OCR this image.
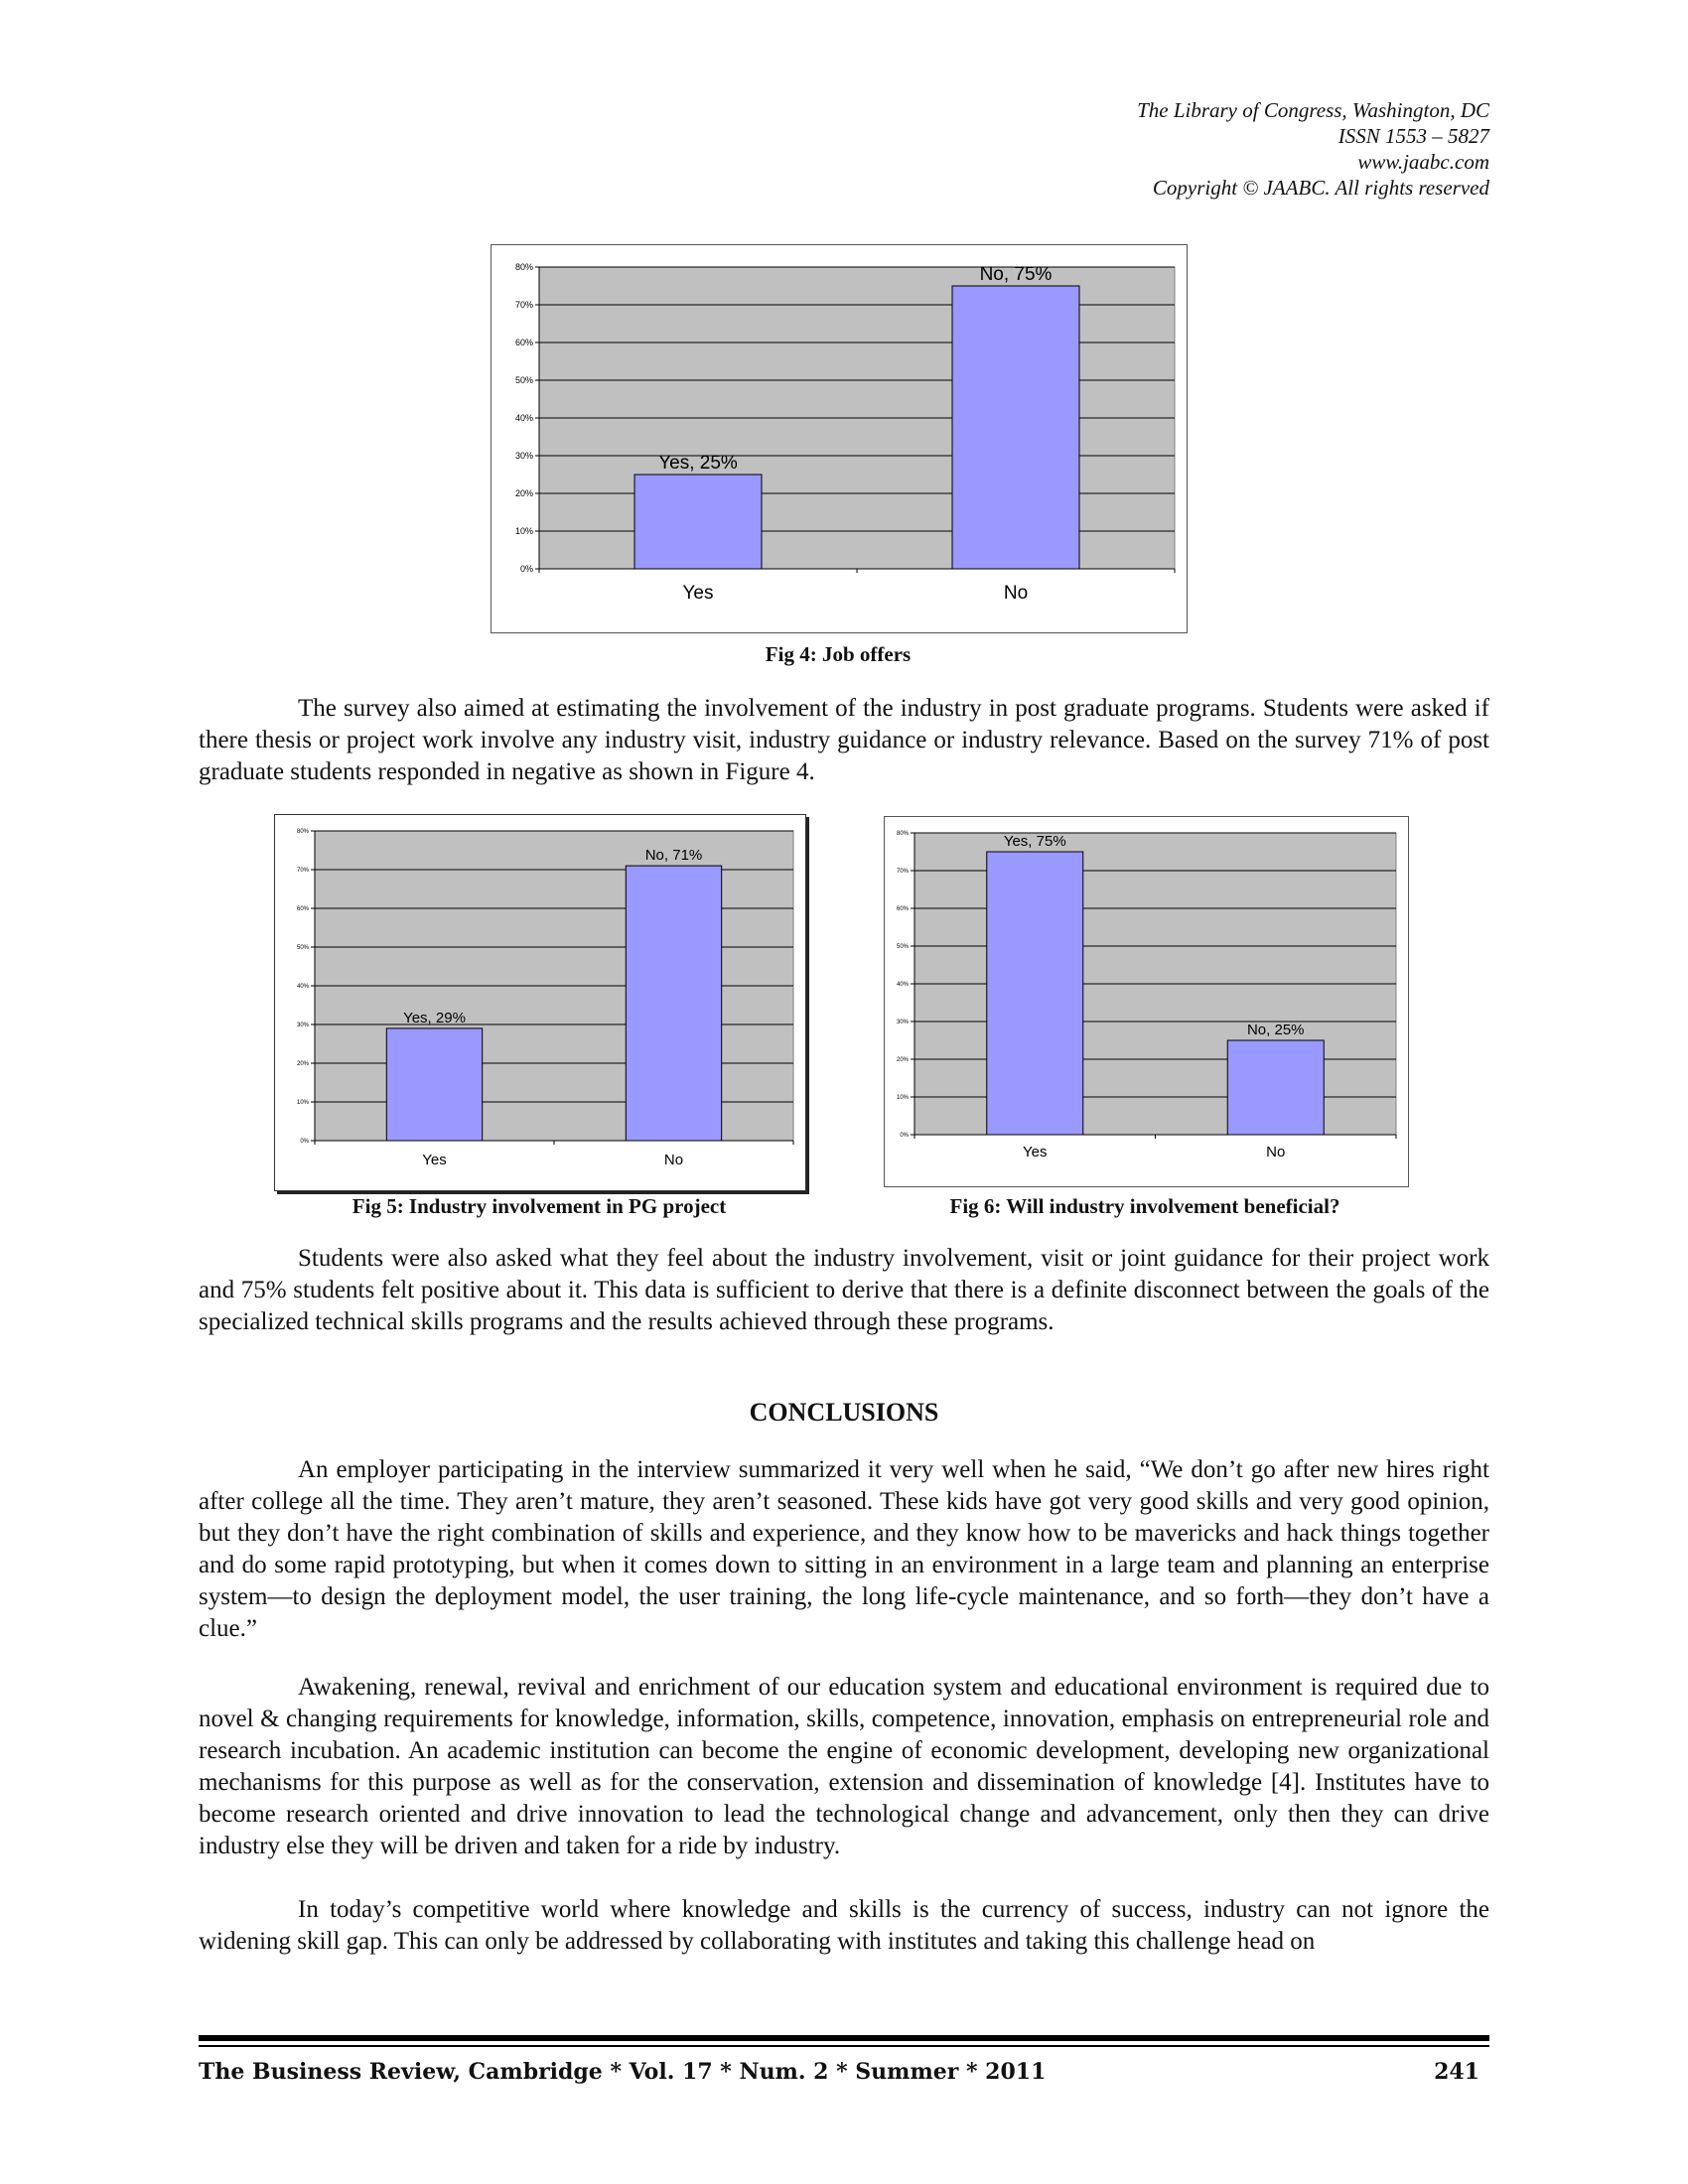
The Library of Congress, Washington, DC
ISSN 1553 – 5827
www.jaabc.com
Copyright © JAABC. All rights reserved
0%
10%
20%
30%
40%
50%
60%
70%
80%
Yes, 25%
Yes
No, 75%
No
Fig 4: Job offers
The survey also aimed at estimating the involvement of the industry in post graduate programs. Students were asked if there thesis or project work involve any industry visit, industry guidance or industry relevance. Based on the survey 71% of post graduate students responded in negative as shown in Figure 4.
0%
10%
20%
30%
40%
50%
60%
70%
80%
Yes, 29%
Yes
No, 71%
No
Fig 5: Industry involvement in PG project
0%
10%
20%
30%
40%
50%
60%
70%
80%	Yes, 75%
Yes
No, 25%
No
Fig 6: Will industry involvement beneficial?
Students were also asked what they feel about the industry involvement, visit or joint guidance for their project work and 75% students felt positive about it. This data is sufficient to derive that there is a definite disconnect between the goals of the specialized technical skills programs and the results achieved through these programs.
CONCLUSIONS
An employer participating in the interview summarized it very well when he said, “We don’t go after new hires right after college all the time. They aren’t mature, they aren’t seasoned. These kids have got very good skills and very good opinion, but they don’t have the right combination of skills and experience, and they know how to be mavericks and hack things together and do some rapid prototyping, but when it comes down to sitting in an environment in a large team and planning an enterprise system—to design the deployment model, the user training, the long life-cycle maintenance, and so forth—they don’t have a clue.”
Awakening, renewal, revival and enrichment of our education system and educational environment is required due to novel & changing requirements for knowledge, information, skills, competence, innovation, emphasis on entrepreneurial role and research incubation. An academic institution can become the engine of economic development, developing new organizational mechanisms for this purpose as well as for the conservation, extension and dissemination of knowledge [4]. Institutes have to become research oriented and drive innovation to lead the technological change and advancement, only then they can drive industry else they will be driven and taken for a ride by industry.
In today’s competitive world where knowledge and skills is the currency of success, industry can not ignore the widening skill gap. This can only be addressed by collaborating with institutes and taking this challenge head on
The Business Review, Cambridge * Vol. 17 * Num. 2 * Summer * 2011	241
